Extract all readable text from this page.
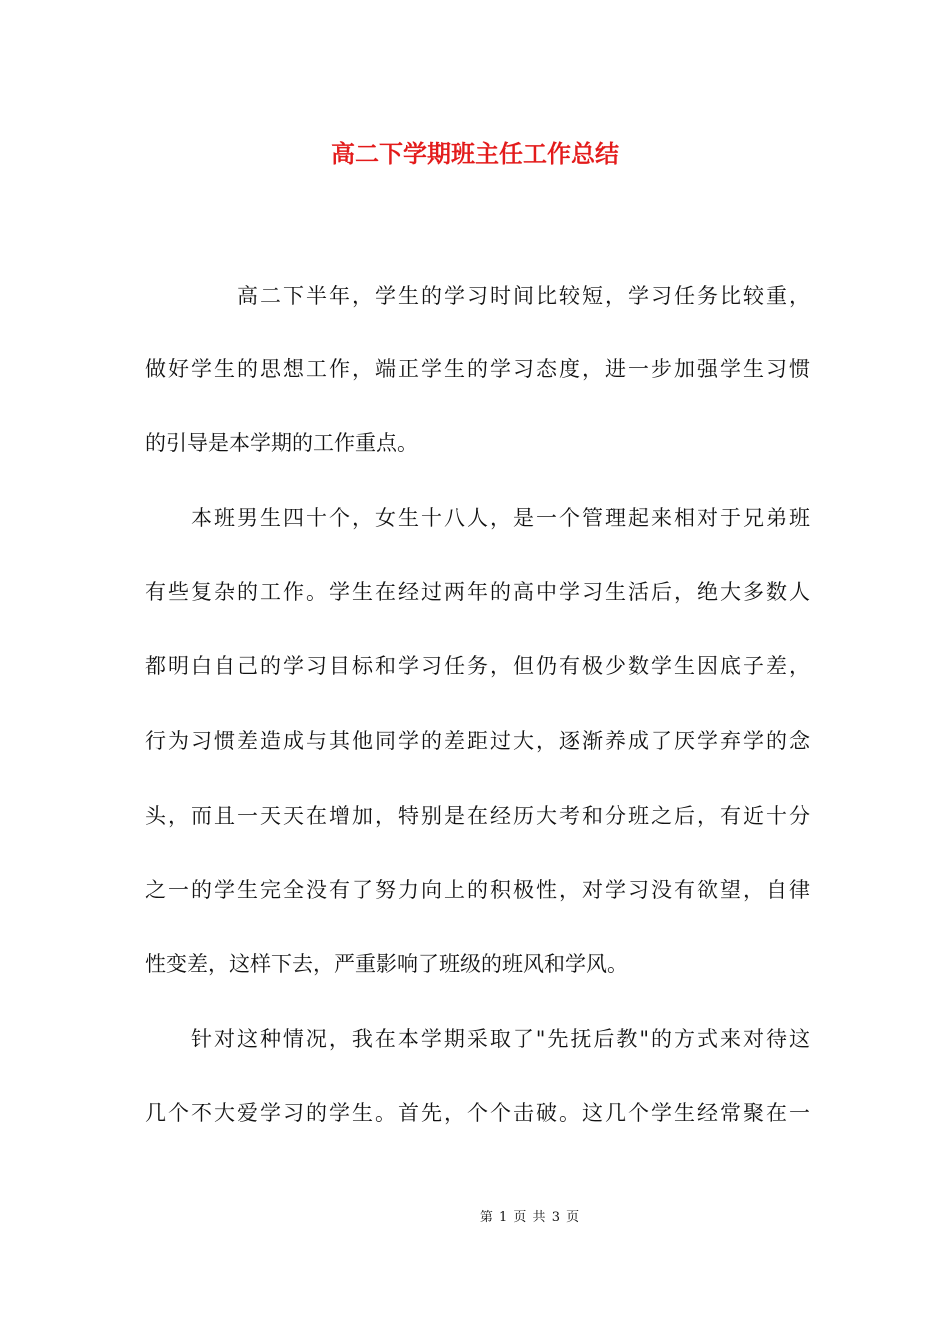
高二下学期班主任工作总结
　　　　高二下半年，学生的学习时间比较短，学习任务比较重，
做好学生的思想工作，端正学生的学习态度，进一步加强学生习惯
的引导是本学期的工作重点。
　　本班男生四十个，女生十八人，是一个管理起来相对于兄弟班
有些复杂的工作。学生在经过两年的高中学习生活后，绝大多数人
都明白自己的学习目标和学习任务，但仍有极少数学生因底子差，
行为习惯差造成与其他同学的差距过大，逐渐养成了厌学弃学的念
头，而且一天天在增加，特别是在经历大考和分班之后，有近十分
之一的学生完全没有了努力向上的积极性，对学习没有欲望，自律
性变差，这样下去，严重影响了班级的班风和学风。
　　针对这种情况，我在本学期采取了"先抚后教"的方式来对待这
几个不大爱学习的学生。首先，个个击破。这几个学生经常聚在一
第 1 页 共 3 页
